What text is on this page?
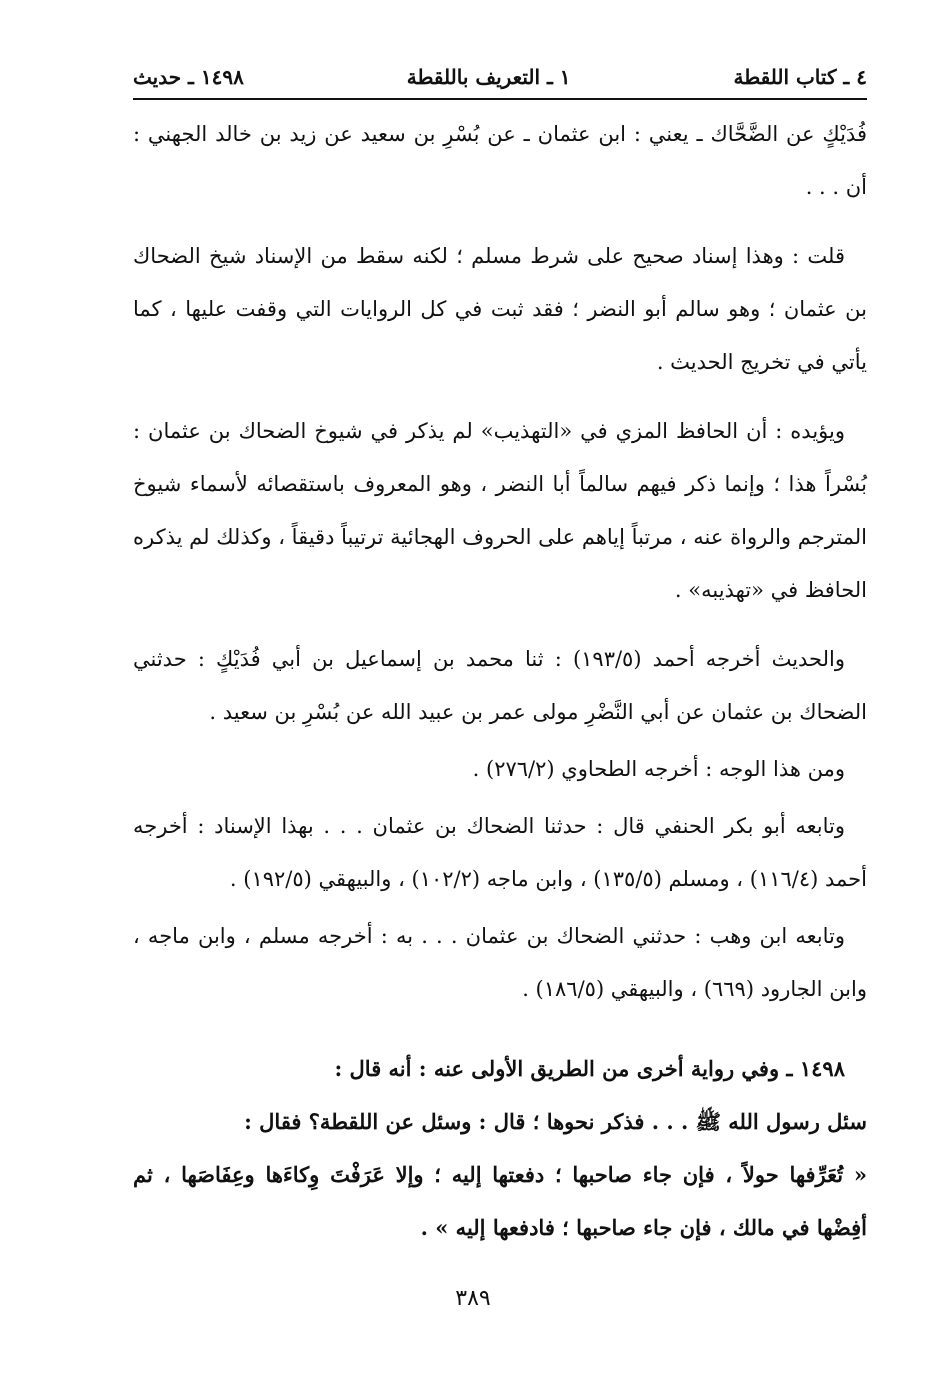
٤ ـ كتاب اللقطة
١ ـ التعريف باللقطة
١٤٩٨ ـ حديث

فُدَيْكٍ عن الضَّحَّاك ـ يعني : ابن عثمان ـ عن بُسْرِ بن سعيد عن زيد بن خالد الجهني : أن . . .

قلت : وهذا إسناد صحيح على شرط مسلم ؛ لكنه سقط من الإسناد شيخ الضحاك بن عثمان ؛ وهو سالم أبو النضر ؛ فقد ثبت في كل الروايات التي وقفت عليها ، كما يأتي في تخريج الحديث .

ويؤيده : أن الحافظ المزي في «التهذيب» لم يذكر في شيوخ الضحاك بن عثمان : بُسْراً هذا ؛ وإنما ذكر فيهم سالماً أبا النضر ، وهو المعروف باستقصائه لأسماء شيوخ المترجم والرواة عنه ، مرتباً إياهم على الحروف الهجائية ترتيباً دقيقاً ، وكذلك لم يذكره الحافظ في «تهذيبه» .

والحديث أخرجه أحمد (١٩٣/٥) : ثنا محمد بن إسماعيل بن أبي فُدَيْكٍ : حدثني الضحاك بن عثمان عن أبي النَّضْرِ مولى عمر بن عبيد الله عن بُسْرِ بن سعيد .

ومن هذا الوجه : أخرجه الطحاوي (٢٧٦/٢) .

وتابعه أبو بكر الحنفي قال : حدثنا الضحاك بن عثمان . . . بهذا الإسناد : أخرجه أحمد (١١٦/٤) ، ومسلم (١٣٥/٥) ، وابن ماجه (١٠٢/٢) ، والبيهقي (١٩٢/٥) .

وتابعه ابن وهب : حدثني الضحاك بن عثمان . . . به : أخرجه مسلم ، وابن ماجه ، وابن الجارود (٦٦٩) ، والبيهقي (١٨٦/٥) .

١٤٩٨ ـ وفي رواية أخرى من الطريق الأولى عنه : أنه قال :

سئل رسول الله ﷺ . . . فذكر نحوها ؛ قال : وسئل عن اللقطة؟ فقال :

« تُعَرِّفها حولاً ، فإن جاء صاحبها ؛ دفعتها إليه ؛ وإلا عَرَفْتَ وِكاءَها وعِفَاصَها ، ثم أفِضْها في مالك ، فإن جاء صاحبها ؛ فادفعها إليه » .

٣٨٩
